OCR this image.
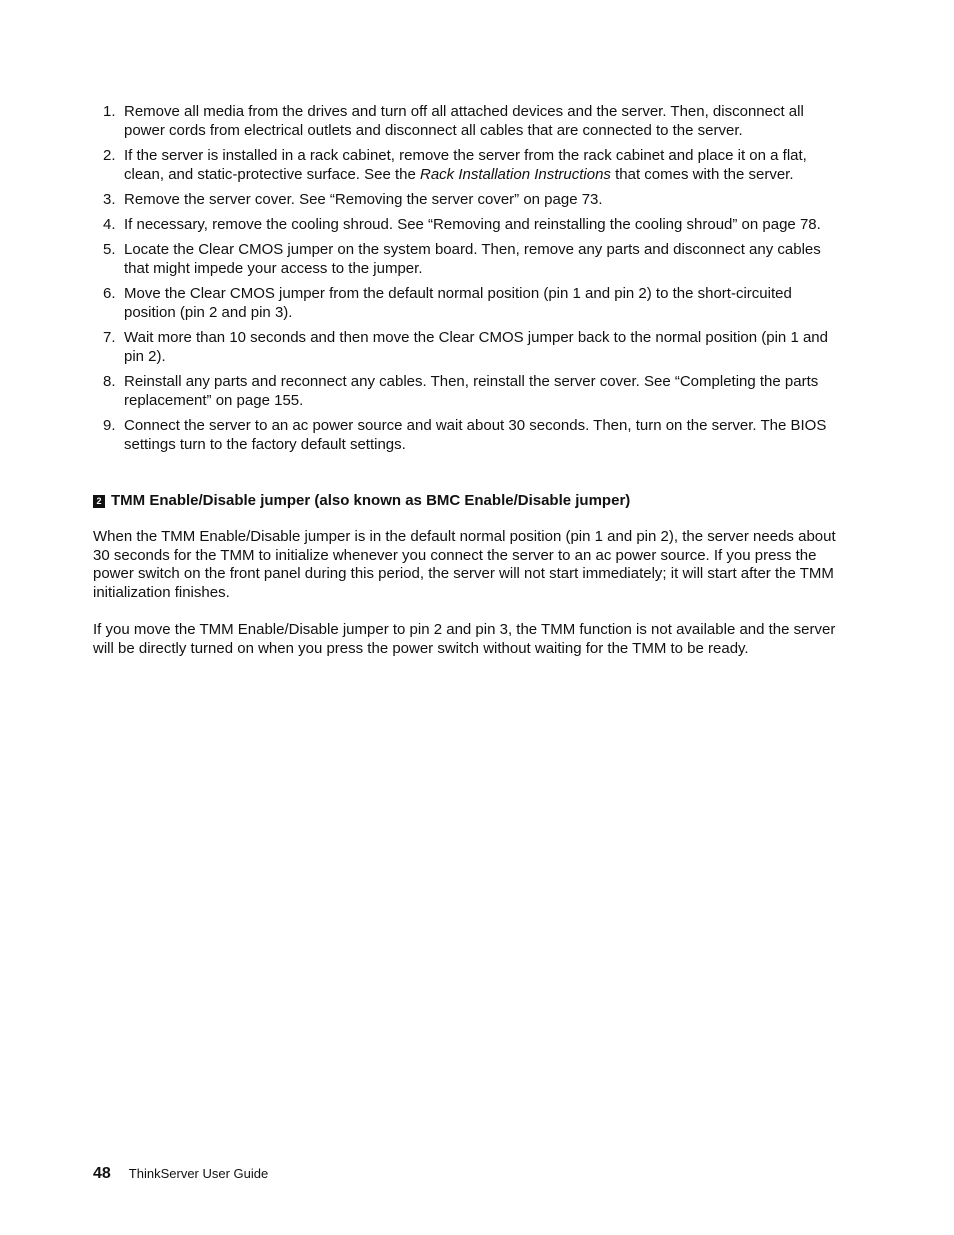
1. Remove all media from the drives and turn off all attached devices and the server. Then, disconnect all power cords from electrical outlets and disconnect all cables that are connected to the server.
2. If the server is installed in a rack cabinet, remove the server from the rack cabinet and place it on a flat, clean, and static-protective surface. See the Rack Installation Instructions that comes with the server.
3. Remove the server cover. See “Removing the server cover” on page 73.
4. If necessary, remove the cooling shroud. See “Removing and reinstalling the cooling shroud” on page 78.
5. Locate the Clear CMOS jumper on the system board. Then, remove any parts and disconnect any cables that might impede your access to the jumper.
6. Move the Clear CMOS jumper from the default normal position (pin 1 and pin 2) to the short-circuited position (pin 2 and pin 3).
7. Wait more than 10 seconds and then move the Clear CMOS jumper back to the normal position (pin 1 and pin 2).
8. Reinstall any parts and reconnect any cables. Then, reinstall the server cover. See “Completing the parts replacement” on page 155.
9. Connect the server to an ac power source and wait about 30 seconds. Then, turn on the server. The BIOS settings turn to the factory default settings.
2 TMM Enable/Disable jumper (also known as BMC Enable/Disable jumper)

When the TMM Enable/Disable jumper is in the default normal position (pin 1 and pin 2), the server needs about 30 seconds for the TMM to initialize whenever you connect the server to an ac power source. If you press the power switch on the front panel during this period, the server will not start immediately; it will start after the TMM initialization finishes.

If you move the TMM Enable/Disable jumper to pin 2 and pin 3, the TMM function is not available and the server will be directly turned on when you press the power switch without waiting for the TMM to be ready.

48 ThinkServer User Guide
